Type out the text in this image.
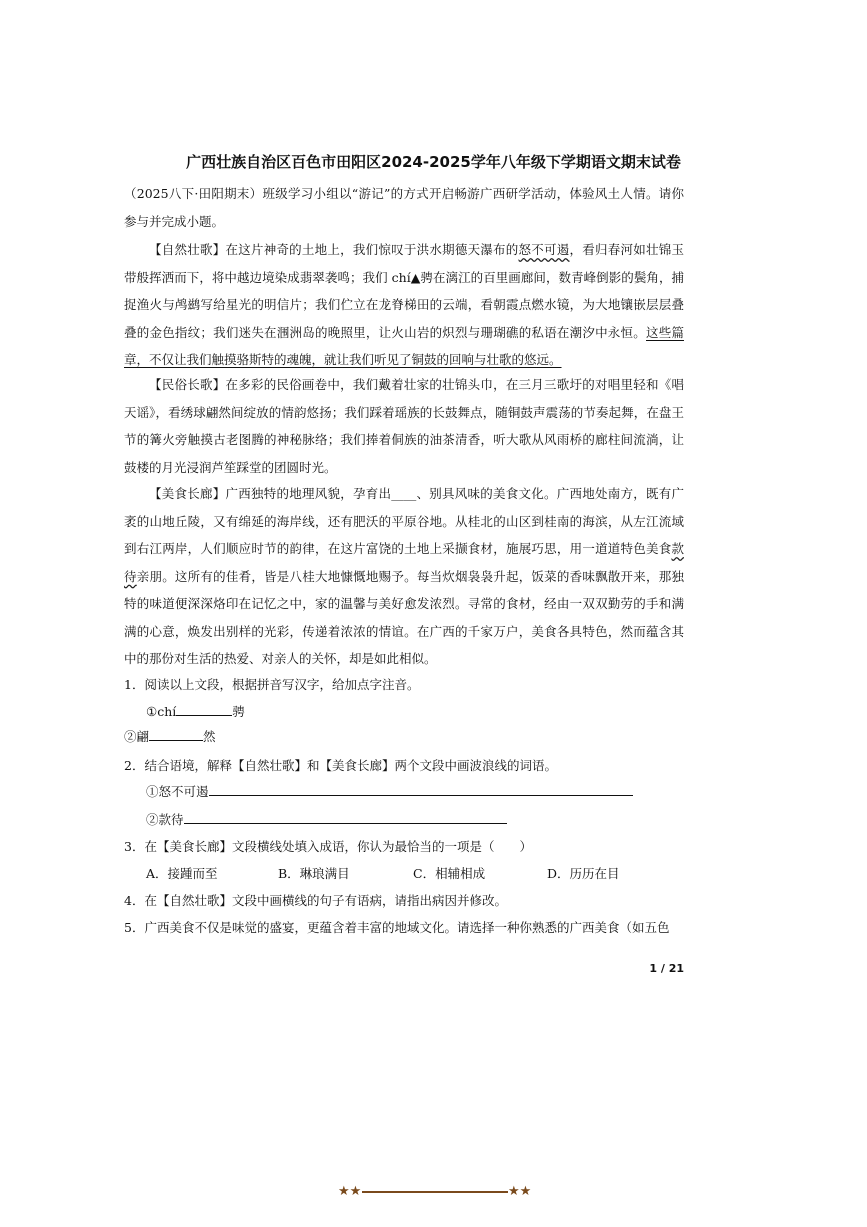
广西壮族自治区百色市田阳区2024-2025学年八年级下学期语文期末试卷

（2025八下·田阳期末）班级学习小组以“游记”的方式开启畅游广西研学活动，体验风土人情。请你参与并完成小题。

【自然壮歌】在这片神奇的土地上，我们惊叹于洪水期德天瀑布的怒不可遏，看归春河如壮锦玉带般挥洒而下，将中越边境染成翡翠袭鸣；我们 chí▲骋在漓江的百里画廊间，数青峰倒影的鬓角，捕捉渔火与鸬鹚写给星光的明信片；我们伫立在龙脊梯田的云端，看朝霞点燃水镜，为大地镶嵌层层叠叠的金色指纹；我们迷失在涠洲岛的晚照里，让火山岩的炽烈与珊瑚礁的私语在潮汐中永恒。这些篇章，不仅让我们触摸骆斯特的魂魄，就让我们听见了铜鼓的回响与壮歌的悠远。

【民俗长歌】在多彩的民俗画卷中，我们戴着壮家的壮锦头巾，在三月三歌圩的对唱里轻和《唱天谣》，看绣球翩然间绽放的情韵悠扬；我们踩着瑶族的长鼓舞点，随铜鼓声震荡的节奏起舞，在盘王节的篝火旁触摸古老图腾的神秘脉络；我们捧着侗族的油茶清香，听大歌从风雨桥的廊柱间流淌，让鼓楼的月光浸润芦笙踩堂的团圆时光。

【美食长廊】广西独特的地理风貌，孕育出____、别具风味的美食文化。广西地处南方，既有广袤的山地丘陵，又有绵延的海岸线，还有肥沃的平原谷地。从桂北的山区到桂南的海滨，从左江流域到右江两岸，人们顺应时节的韵律，在这片富饶的土地上采撷食材，施展巧思，用一道道特色美食款待亲朋。这所有的佳肴，皆是八桂大地慷慨地赐予。每当炊烟袅袅升起，饭菜的香味飘散开来，那独特的味道便深深烙印在记忆之中，家的温馨与美好愈发浓烈。寻常的食材，经由一双双勤劳的手和满满的心意，焕发出别样的光彩，传递着浓浓的情谊。在广西的千家万户，美食各具特色，然而蕴含其中的那份对生活的热爱、对亲人的关怀，却是如此相似。

1．阅读以上文段，根据拼音写汉字，给加点字注音。
①chí	骋
②翩	然
2．结合语境，解释【自然壮歌】和【美食长廊】两个文段中画波浪线的词语。
①怒不可遏
②款待
3．在【美食长廊】文段横线处填入成语，你认为最恰当的一项是（　　）
A．接踵而至	B．琳琅满目	C．相辅相成	D．历历在目
4．在【自然壮歌】文段中画横线的句子有语病，请指出病因并修改。
5．广西美食不仅是味觉的盛宴，更蕴含着丰富的地域文化。请选择一种你熟悉的广西美食（如五色
1 / 21
★★	★★
